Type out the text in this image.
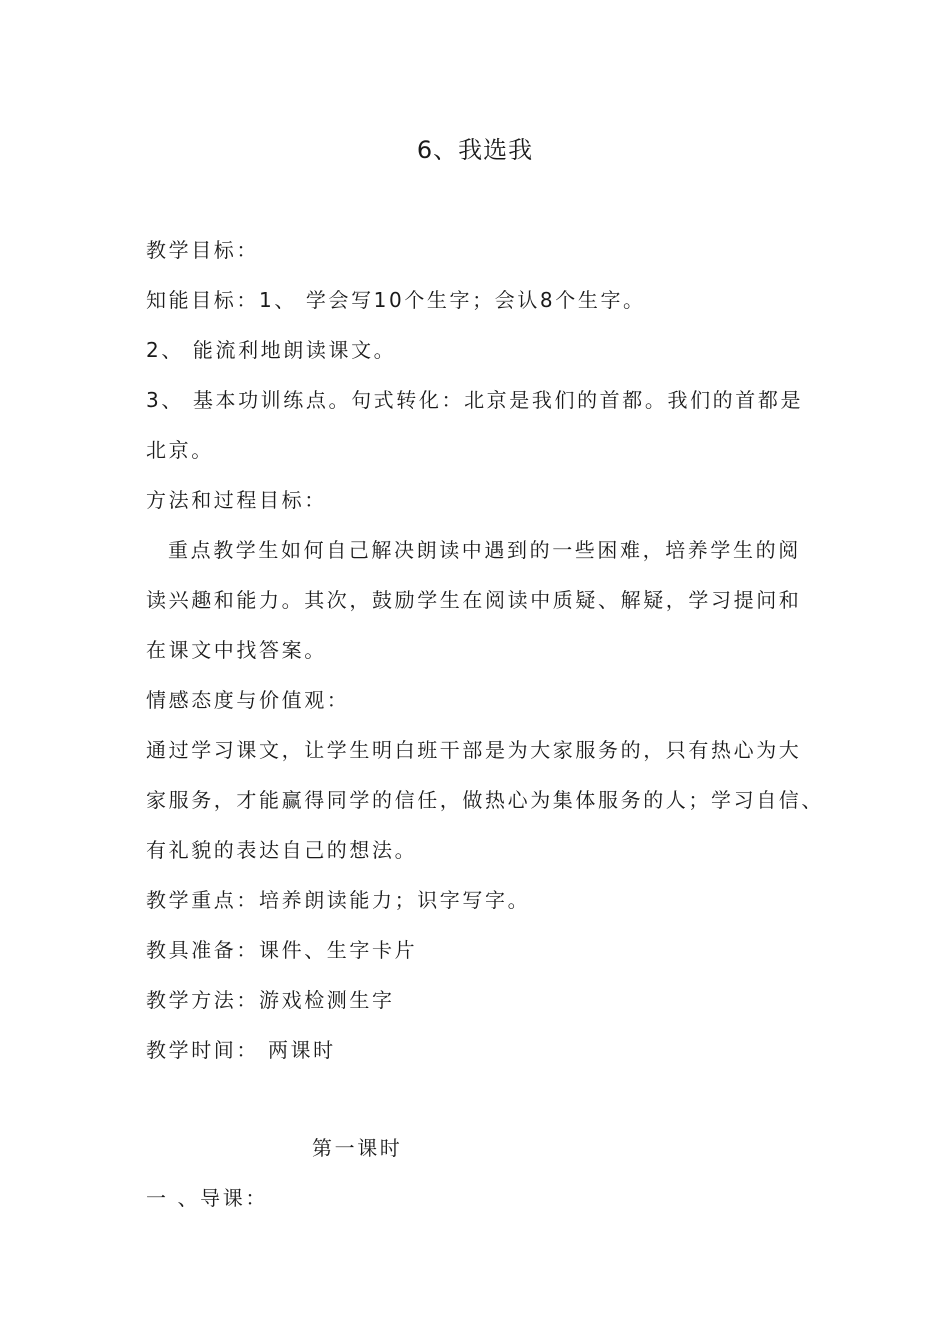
6、我选我
教学目标：
知能目标：1、 学会写10个生字；会认8个生字。
2、 能流利地朗读课文。
3、 基本功训练点。句式转化：北京是我们的首都。我们的首都是
北京。
方法和过程目标：
重点教学生如何自己解决朗读中遇到的一些困难，培养学生的阅
读兴趣和能力。其次，鼓励学生在阅读中质疑、解疑，学习提问和
在课文中找答案。
情感态度与价值观：
通过学习课文，让学生明白班干部是为大家服务的，只有热心为大
家服务，才能赢得同学的信任，做热心为集体服务的人；学习自信、
有礼貌的表达自己的想法。
教学重点：培养朗读能力；识字写字。
教具准备：课件、生字卡片
教学方法：游戏检测生字
教学时间： 两课时
第一课时
一 、导课：
